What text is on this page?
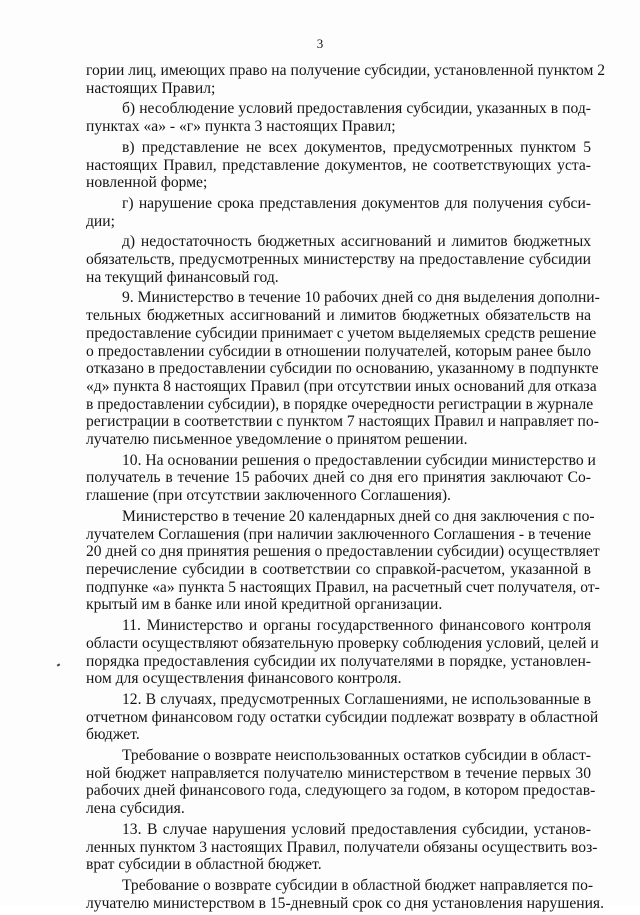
3
гории лиц, имеющих право на получение субсидии, установленной пунктом 2
настоящих Правил;
б) несоблюдение условий предоставления субсидии, указанных в под-
пунктах «а» - «г» пункта 3 настоящих Правил;
в) представление не всех документов, предусмотренных пунктом 5
настоящих Правил, представление документов, не соответствующих уста-
новленной форме;
г) нарушение срока представления документов для получения субси-
дии;
д) недостаточность бюджетных ассигнований и лимитов бюджетных
обязательств, предусмотренных министерству на предоставление субсидии
на текущий финансовый год.
9. Министерство в течение 10 рабочих дней со дня выделения дополни-
тельных бюджетных ассигнований и лимитов бюджетных обязательств на
предоставление субсидии принимает с учетом выделяемых средств решение
о предоставлении субсидии в отношении получателей, которым ранее было
отказано в предоставлении субсидии по основанию, указанному в подпункте
«д» пункта 8 настоящих Правил (при отсутствии иных оснований для отказа
в предоставлении субсидии), в порядке очередности регистрации в журнале
регистрации в соответствии с пунктом 7 настоящих Правил и направляет по-
лучателю письменное уведомление о принятом решении.
10. На основании решения о предоставлении субсидии министерство и
получатель в течение 15 рабочих дней со дня его принятия заключают Со-
глашение (при отсутствии заключенного Соглашения).
Министерство в течение 20 календарных дней со дня заключения с по-
лучателем Соглашения (при наличии заключенного Соглашения - в течение
20 дней со дня принятия решения о предоставлении субсидии) осуществляет
перечисление субсидии в соответствии со справкой-расчетом, указанной в
подпунке «а» пункта 5 настоящих Правил, на расчетный счет получателя, от-
крытый им в банке или иной кредитной организации.
11. Министерство и органы государственного финансового контроля
области осуществляют обязательную проверку соблюдения условий, целей и
порядка предоставления субсидии их получателями в порядке, установлен-
ном для осуществления финансового контроля.
12. В случаях, предусмотренных Соглашениями, не использованные в
отчетном финансовом году остатки субсидии подлежат возврату в областной
бюджет.
Требование о возврате неиспользованных остатков субсидии в област-
ной бюджет направляется получателю министерством в течение первых 30
рабочих дней финансового года, следующего за годом, в котором предостав-
лена субсидия.
13. В случае нарушения условий предоставления субсидии, установ-
ленных пунктом 3 настоящих Правил, получатели обязаны осуществить воз-
врат субсидии в областной бюджет.
Требование о возврате субсидии в областной бюджет направляется по-
лучателю министерством в 15-дневный срок со дня установления нарушения.
